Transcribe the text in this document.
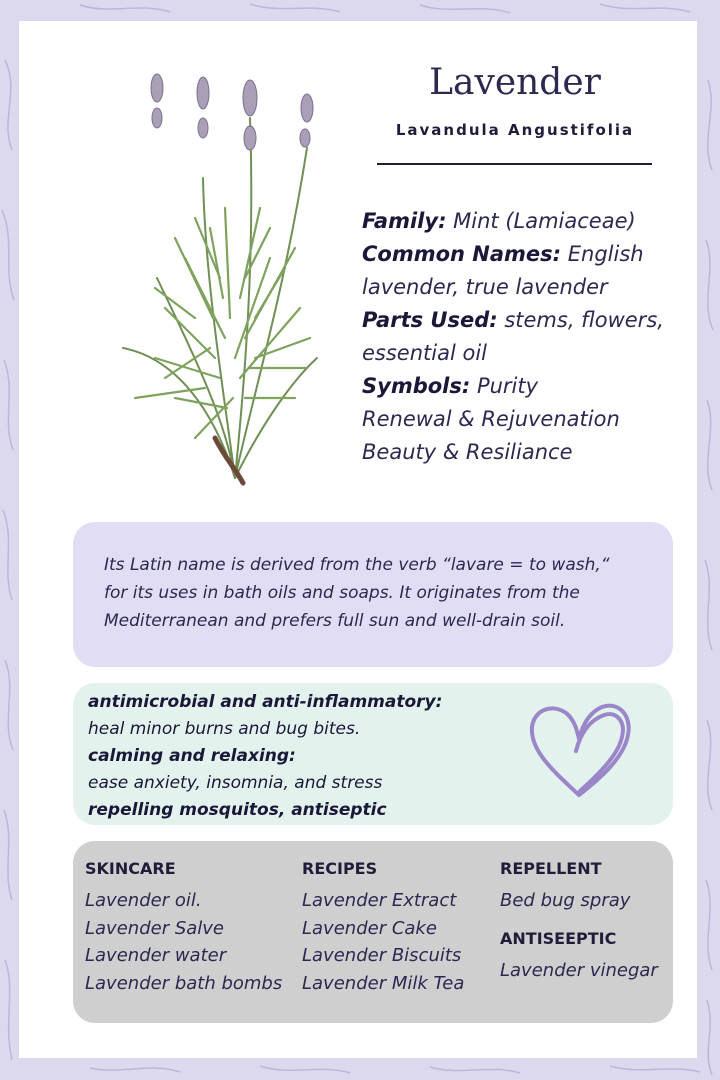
Lavender
Lavandula Angustifolia
Family: Mint (Lamiaceae)
Common Names: English
lavender, true lavender
Parts Used: stems, flowers,
essential oil
Symbols: Purity
Renewal & Rejuvenation
Beauty & Resiliance
Its Latin name is derived from the verb “lavare = to wash,“
for its uses in bath oils and soaps. It originates from the
Mediterranean and prefers full sun and well-drain soil.
antimicrobial and anti-inflammatory:
heal minor burns and bug bites.
calming and relaxing:
ease anxiety, insomnia, and stress
repelling mosquitos, antiseptic
SKINCARE
Lavender oil.
Lavender Salve
Lavender water
Lavender bath bombs
RECIPES
Lavender Extract
Lavender Cake
Lavender Biscuits
Lavender Milk Tea
REPELLENT
Bed bug spray
ANTISEEPTIC
Lavender vinegar
